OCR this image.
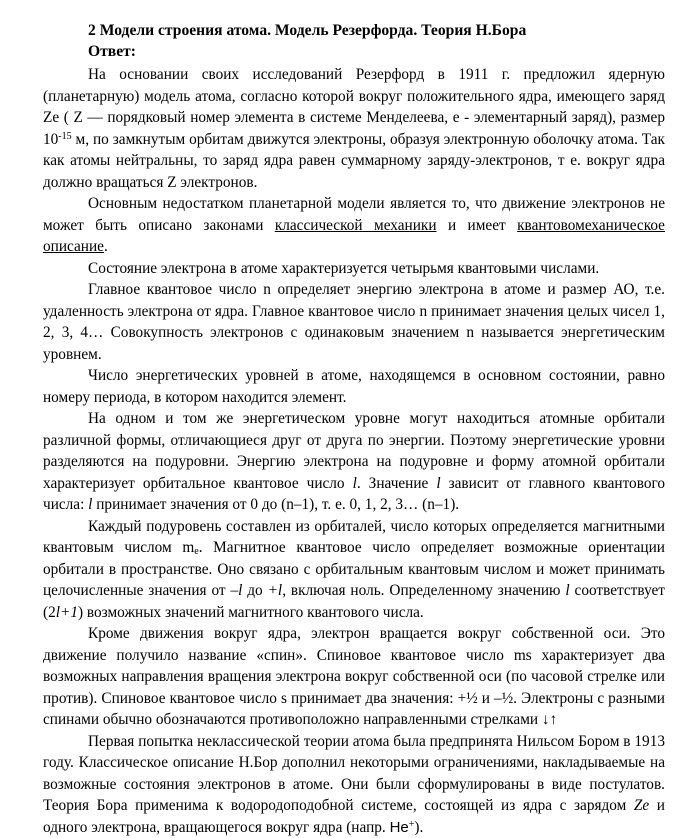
2 Модели строения атома. Модель Резерфорда. Теория Н.Бора
Ответ:

На основании своих исследований Резерфорд в 1911 г. предложил ядерную (планетарную) модель атома, согласно которой вокруг положительного ядра, имеющего заряд Ze ( Z — порядковый номер элемента в системе Менделеева, е - элементарный заряд), размер $10^{-15}$ м, по замкнутым орбитам движутся электроны, образуя электронную оболочку атома. Так как атомы нейтральны, то заряд ядра равен суммарному заряду-электронов, т е. вокруг ядра должно вращаться Z электронов.

Основным недостатком планетарной модели является то, что движение электронов не может быть описано законами классической механики и имеет квантовомеханическое описание.

Состояние электрона в атоме характеризуется четырьмя квантовыми числами.

Главное квантовое число n определяет энергию электрона в атоме и размер АО, т.е. удаленность электрона от ядра. Главное квантовое число n принимает значения целых чисел 1, 2, 3, 4… Совокупность электронов с одинаковым значением n называется энергетическим уровнем.

Число энергетических уровней в атоме, находящемся в основном состоянии, равно номеру периода, в котором находится элемент.

На одном и том же энергетическом уровне могут находиться атомные орбитали различной формы, отличающиеся друг от друга по энергии. Поэтому энергетические уровни разделяются на подуровни. Энергию электрона на подуровне и форму атомной орбитали характеризует орбитальное квантовое число l. Значение l зависит от главного квантового числа: l принимает значения от 0 до (n–1), т. е. 0, 1, 2, 3… (n–1).

Каждый подуровень составлен из орбиталей, число которых определяется магнитными квантовым числом $m_e$. Магнитное квантовое число определяет возможные ориентации орбитали в пространстве. Оно связано с орбитальным квантовым числом и может принимать целочисленные значения от –l до +l, включая ноль. Определенному значению l соответствует (2l+1) возможных значений магнитного квантового числа.

Кроме движения вокруг ядра, электрон вращается вокруг собственной оси. Это движение получило название «спин». Спиновое квантовое число ms характеризует два возможных направления вращения электрона вокруг собственной оси (по часовой стрелке или против). Спиновое квантовое число s принимает два значения: +½ и –½. Электроны с разными спинами обычно обозначаются противоположно направленными стрелками ↓↑

Первая попытка неклассической теории атома была предпринята Нильсом Бором в 1913 году. Классическое описание Н.Бор дополнил некоторыми ограничениями, накладываемые на возможные состояния электронов в атоме. Они были сформулированы в виде постулатов. Теория Бора применима к водородоподобной системе, состоящей из ядра с зарядом Ze и одного электрона, вращающегося вокруг ядра (напр. He+).
